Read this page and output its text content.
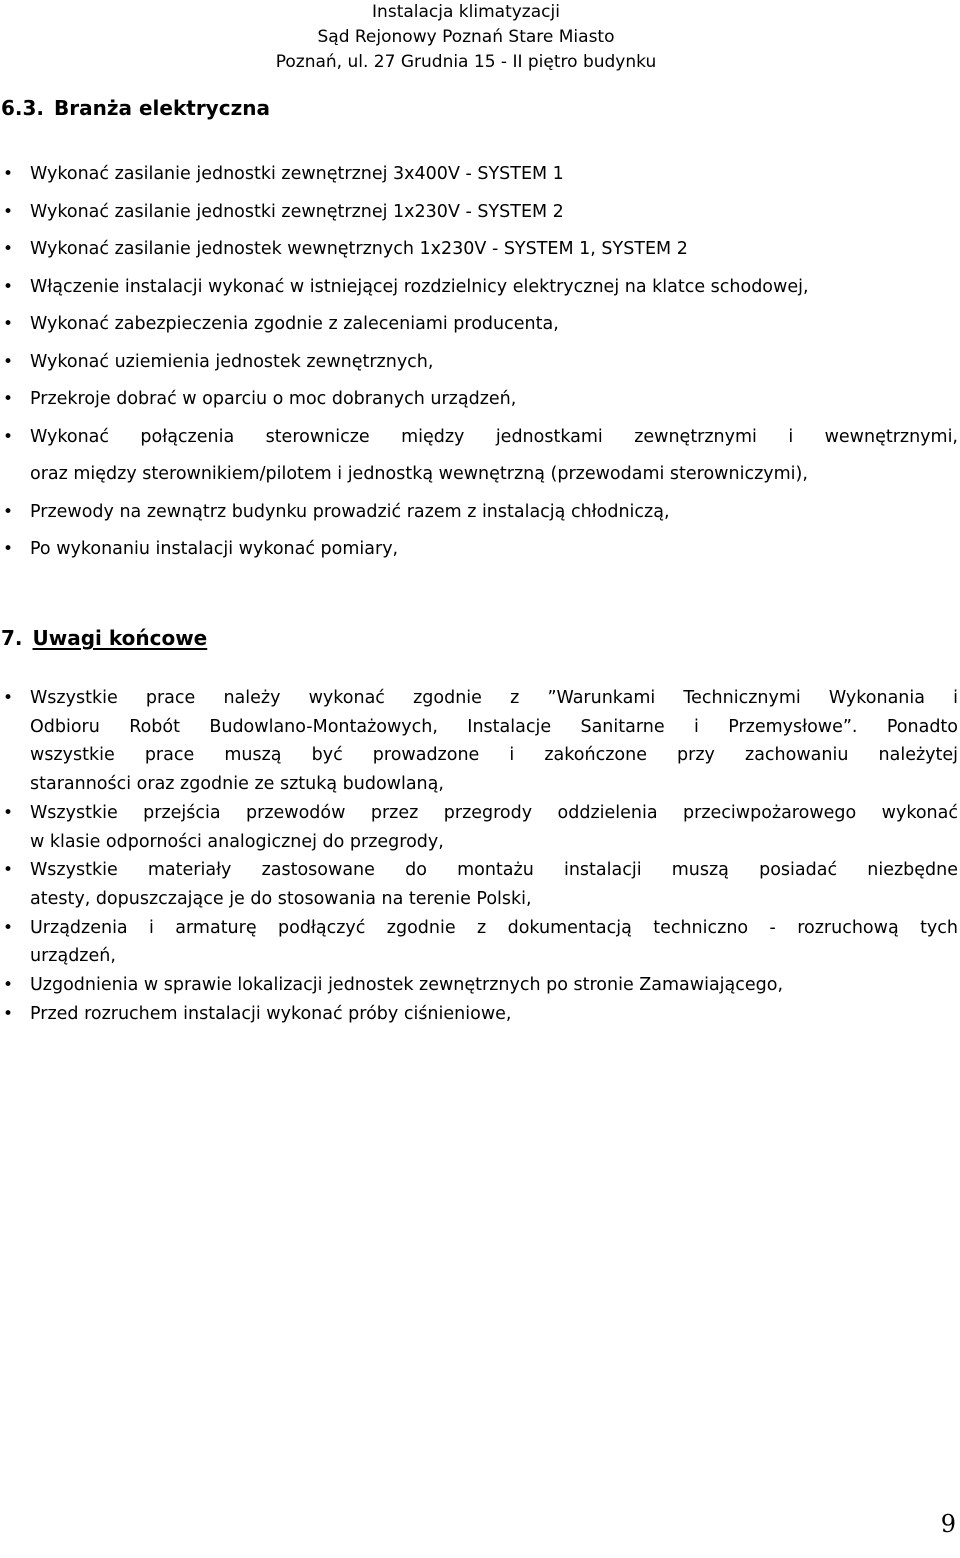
Instalacja klimatyzacji
Sąd Rejonowy Poznań Stare Miasto
Poznań, ul. 27 Grudnia 15 - II piętro budynku
6.3. Branża elektryczna
• Wykonać zasilanie jednostki zewnętrznej 3x400V - SYSTEM 1
• Wykonać zasilanie jednostki zewnętrznej 1x230V - SYSTEM 2
• Wykonać zasilanie jednostek wewnętrznych 1x230V - SYSTEM 1, SYSTEM 2
• Włączenie instalacji wykonać w istniejącej rozdzielnicy elektrycznej na klatce schodowej,
• Wykonać zabezpieczenia zgodnie z zaleceniami producenta,
• Wykonać uziemienia jednostek zewnętrznych,
• Przekroje dobrać w oparciu o moc dobranych urządzeń,
• Wykonać połączenia sterownicze między jednostkami zewnętrznymi i wewnętrznymi,
oraz między sterownikiem/pilotem i jednostką wewnętrzną (przewodami sterowniczymi),
• Przewody na zewnątrz budynku prowadzić razem z instalacją chłodniczą,
• Po wykonaniu instalacji wykonać pomiary,
7. Uwagi końcowe
• Wszystkie prace należy wykonać zgodnie z ”Warunkami Technicznymi Wykonania i
Odbioru Robót Budowlano-Montażowych, Instalacje Sanitarne i Przemysłowe”. Ponadto
wszystkie prace muszą być prowadzone i zakończone przy zachowaniu należytej
staranności oraz zgodnie ze sztuką budowlaną,
• Wszystkie przejścia przewodów przez przegrody oddzielenia przeciwpożarowego wykonać
w klasie odporności analogicznej do przegrody,
• Wszystkie materiały zastosowane do montażu instalacji muszą posiadać niezbędne
atesty, dopuszczające je do stosowania na terenie Polski,
• Urządzenia i armaturę podłączyć zgodnie z dokumentacją techniczno - rozruchową tych
urządzeń,
• Uzgodnienia w sprawie lokalizacji jednostek zewnętrznych po stronie Zamawiającego,
• Przed rozruchem instalacji wykonać próby ciśnieniowe,
9
